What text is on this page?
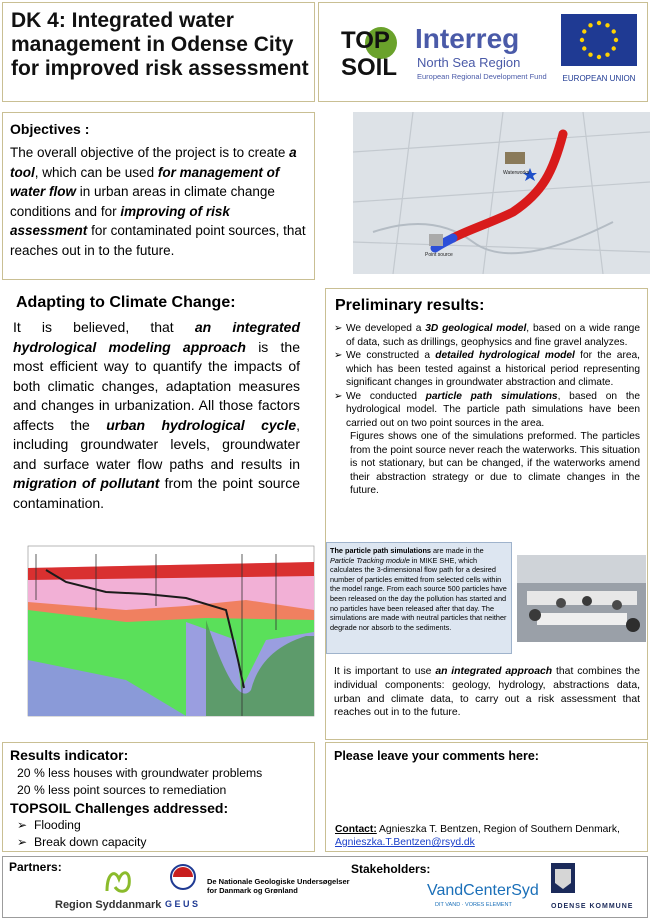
DK 4: Integrated water
management in Odense City
for improved risk assessment
TOP
SOIL
Interreg
North Sea Region
European Regional Development Fund EUROPEAN UNION
Objectives :
The overall objective of the project is to create a tool, which can be used for management of water flow in urban areas in climate change conditions and for improving of risk assessment for contaminated point sources, that reaches out in to the future.
Waterworks
Point source
Adapting to Climate Change:
It is believed, that an integrated hydrological modeling approach is the most efficient way to quantify the impacts of both climatic changes, adaptation measures and changes in urbanization. All those factors affects the urban hydrological cycle, including groundwater levels, groundwater and surface water flow paths and results in migration of pollutant from the point source contamination.
Preliminary results:
➢ We developed a 3D geological model, based on a wide range of data, such as drillings, geophysics and fine gravel analyzes.
➢ We constructed a detailed hydrological model for the area, which has been tested against a historical period representing significant changes in groundwater abstraction and climate.
➢ We conducted particle path simulations, based on the hydrological model. The particle path simulations have been carried out on two point sources in the area.
Figures shows one of the simulations preformed. The particles from the point source never reach the waterworks. This situation is not stationary, but can be changed, if the waterworks amend their abstraction strategy or due to climate changes in the future.
The particle path simulations are made in the Particle Tracking module in MIKE SHE, which calculates the 3-dimensional flow path for a desired number of particles emitted from selected cells within the model range. From each source 500 particles have been released on the day the pollution has started and no particles have been released after that day. The simulations are made with neutral particles that neither degrade nor absorb to the sediments.
It is important to use an integrated approach that combines the individual components: geology, hydrology, abstractions data, urban and climate data, to carry out a risk assessment that reaches out in to the future.
Results indicator:
20 % less houses with groundwater problems
20 % less point sources to remediation
TOPSOIL Challenges addressed:
➢  Flooding
➢  Break down capacity
Please leave your comments here:
Contact: Agnieszka T. Bentzen, Region of Southern Denmark, Agnieszka.T.Bentzen@rsyd.dk
Partners:	Stakeholders:
Region Syddanmark G E U S
De Nationale Geologiske Undersøgelser
for Danmark og Grønland	VandCenterSyd
DIT VAND · VORES ELEMENT	ODENSE KOMMUNE
